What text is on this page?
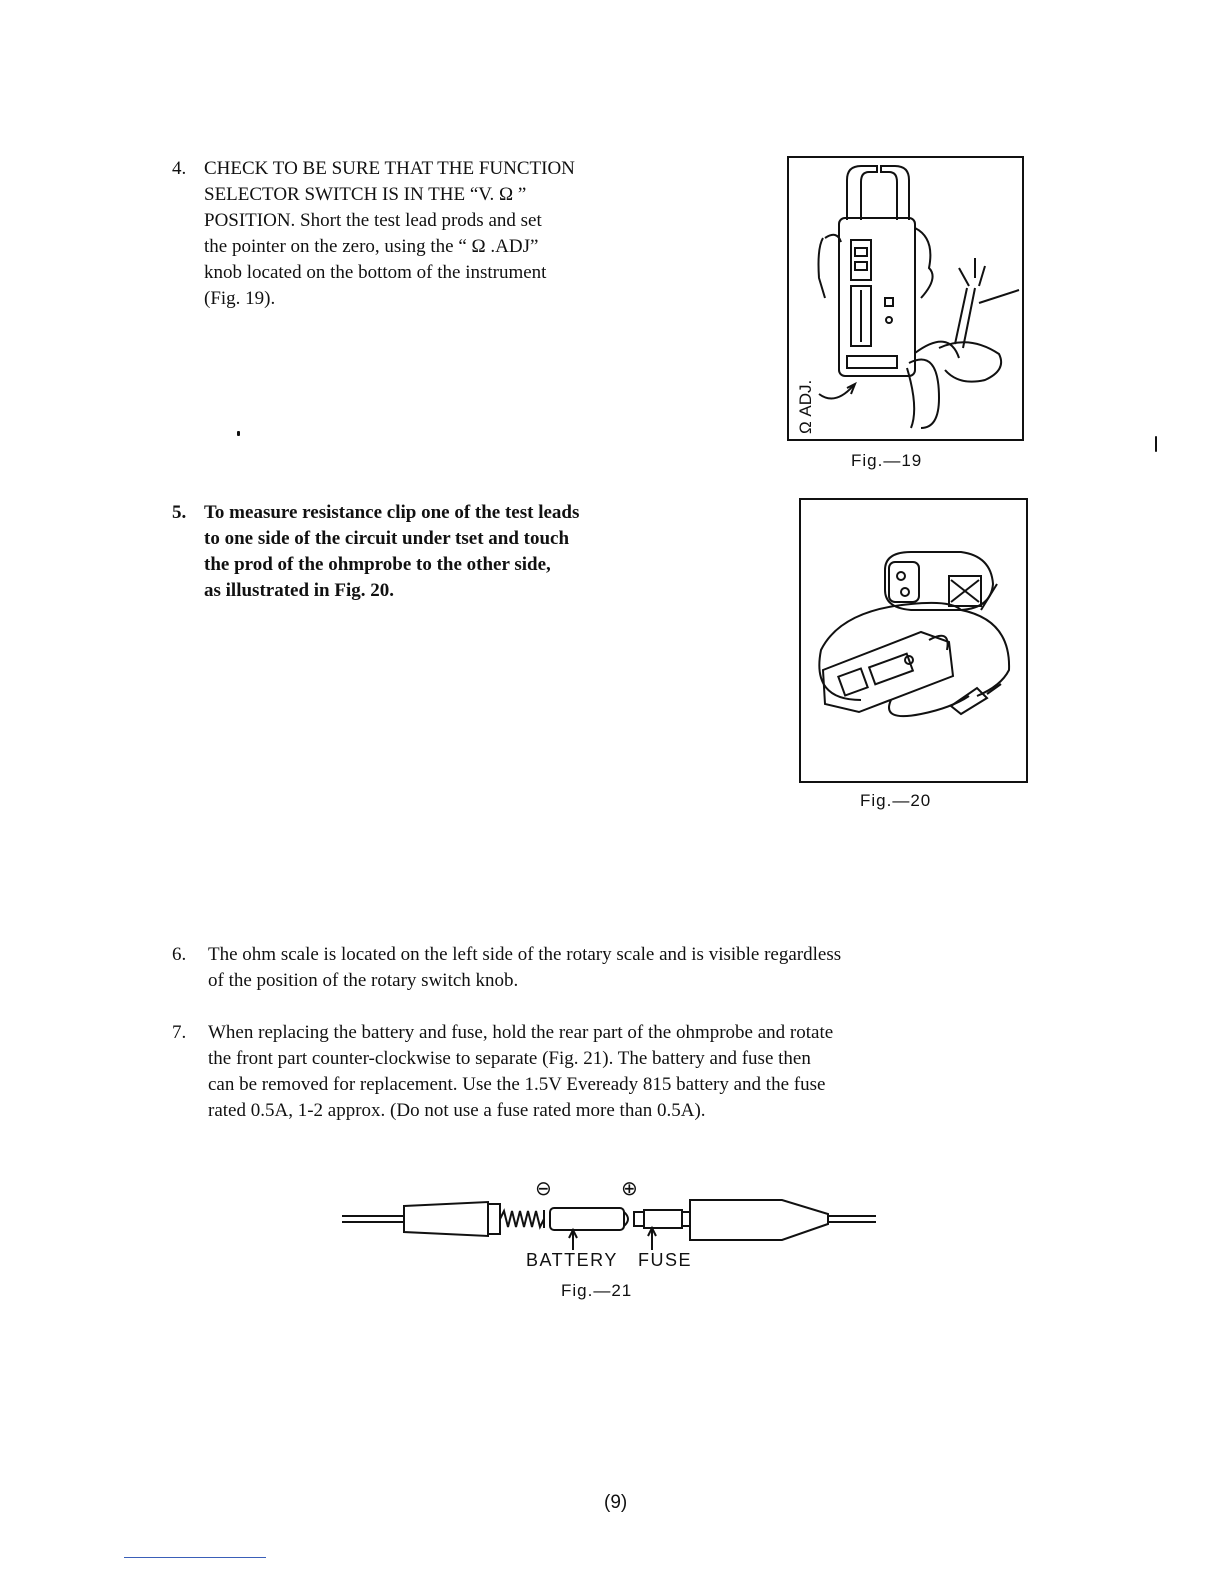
4. CHECK TO BE SURE THAT THE FUNCTION
SELECTOR SWITCH IS IN THE “V. Ω ”
POSITION. Short the test lead prods and set
the pointer on the zero, using the “ Ω .ADJ”
knob located on the bottom of the instrument
(Fig. 19).
5. To measure resistance clip one of the test leads
to one side of the circuit under tset and touch
the prod of the ohmprobe to the other side,
as illustrated in Fig. 20.
6. The ohm scale is located on the left side of the rotary scale and is visible regardless
of the position of the rotary switch knob.
7. When replacing the battery and fuse, hold the rear part of the ohmprobe and rotate
the front part counter-clockwise to separate (Fig. 21). The battery and fuse then
can be removed for replacement. Use the 1.5V Eveready 815 battery and the fuse
rated 0.5A, 1-2 approx. (Do not use a fuse rated more than 0.5A).
Ω ADJ.
Fig.—19
Fig.—20
⊖	⊕
BATTERY FUSE
Fig.—21
(9)
